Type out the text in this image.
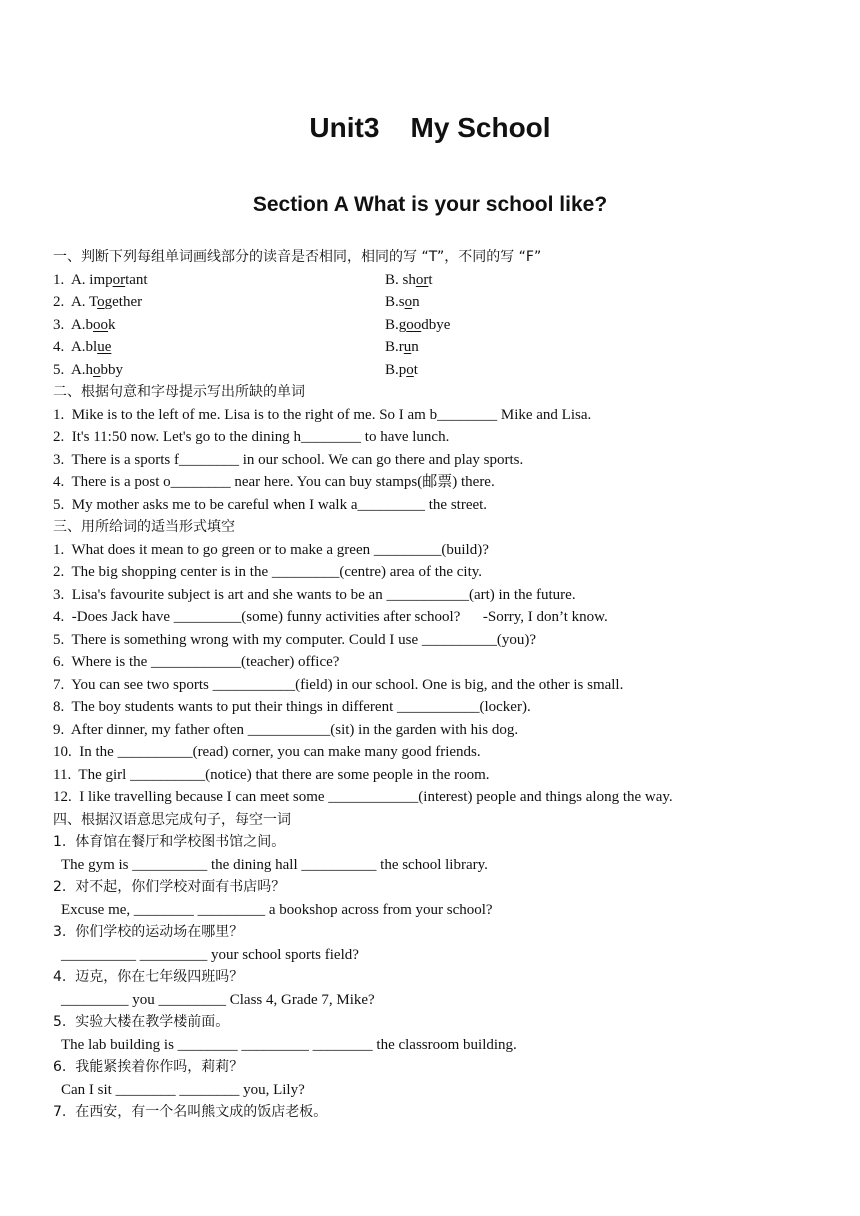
Unit3    My School
Section A What is your school like?
一、判断下列每组单词画线部分的读音是否相同，相同的写 “T”，不同的写 “F”
1. A. important	B. short
2. A. Together	B.son
3. A.book	B.goodbye
4. A.blue	B.run
5. A.hobby	B.pot
二、根据句意和字母提示写出所缺的单词
1.  Mike is to the left of me. Lisa is to the right of me. So I am b________ Mike and Lisa.
2.  It's 11:50 now. Let's go to the dining h________ to have lunch.
3.  There is a sports f________ in our school. We can go there and play sports.
4.  There is a post o________ near here. You can buy stamps(邮票) there.
5.  My mother asks me to be careful when I walk a_________ the street.
三、用所给词的适当形式填空
1.  What does it mean to go green or to make a green _________(build)?
2.  The big shopping center is in the _________(centre) area of the city.
3.  Lisa's favourite subject is art and she wants to be an ___________(art) in the future.
4.  -Does Jack have _________(some) funny activities after school?      -Sorry, I don’t know.
5.  There is something wrong with my computer. Could I use __________(you)?
6.  Where is the ____________(teacher) office?
7.  You can see two sports ___________(field) in our school. One is big, and the other is small.
8.  The boy students wants to put their things in different ___________(locker).
9.  After dinner, my father often ___________(sit) in the garden with his dog.
10.  In the __________(read) corner, you can make many good friends.
11.  The girl __________(notice) that there are some people in the room.
12.  I like travelling because I can meet some ____________(interest) people and things along the way.
四、根据汉语意思完成句子，每空一词
1.  体育馆在餐厅和学校图书馆之间。
The gym is __________ the dining hall __________ the school library.
2.  对不起，你们学校对面有书店吗？
Excuse me, ________ _________ a bookshop across from your school?
3.  你们学校的运动场在哪里？
__________ _________ your school sports field?
4.  迈克，你在七年级四班吗？
_________ you _________ Class 4, Grade 7, Mike?
5.  实验大楼在教学楼前面。
The lab building is ________ _________ ________ the classroom building.
6.  我能紧挨着你作吗，莉莉？
Can I sit ________ ________ you, Lily?
7.  在西安，有一个名叫熊文成的饭店老板。
